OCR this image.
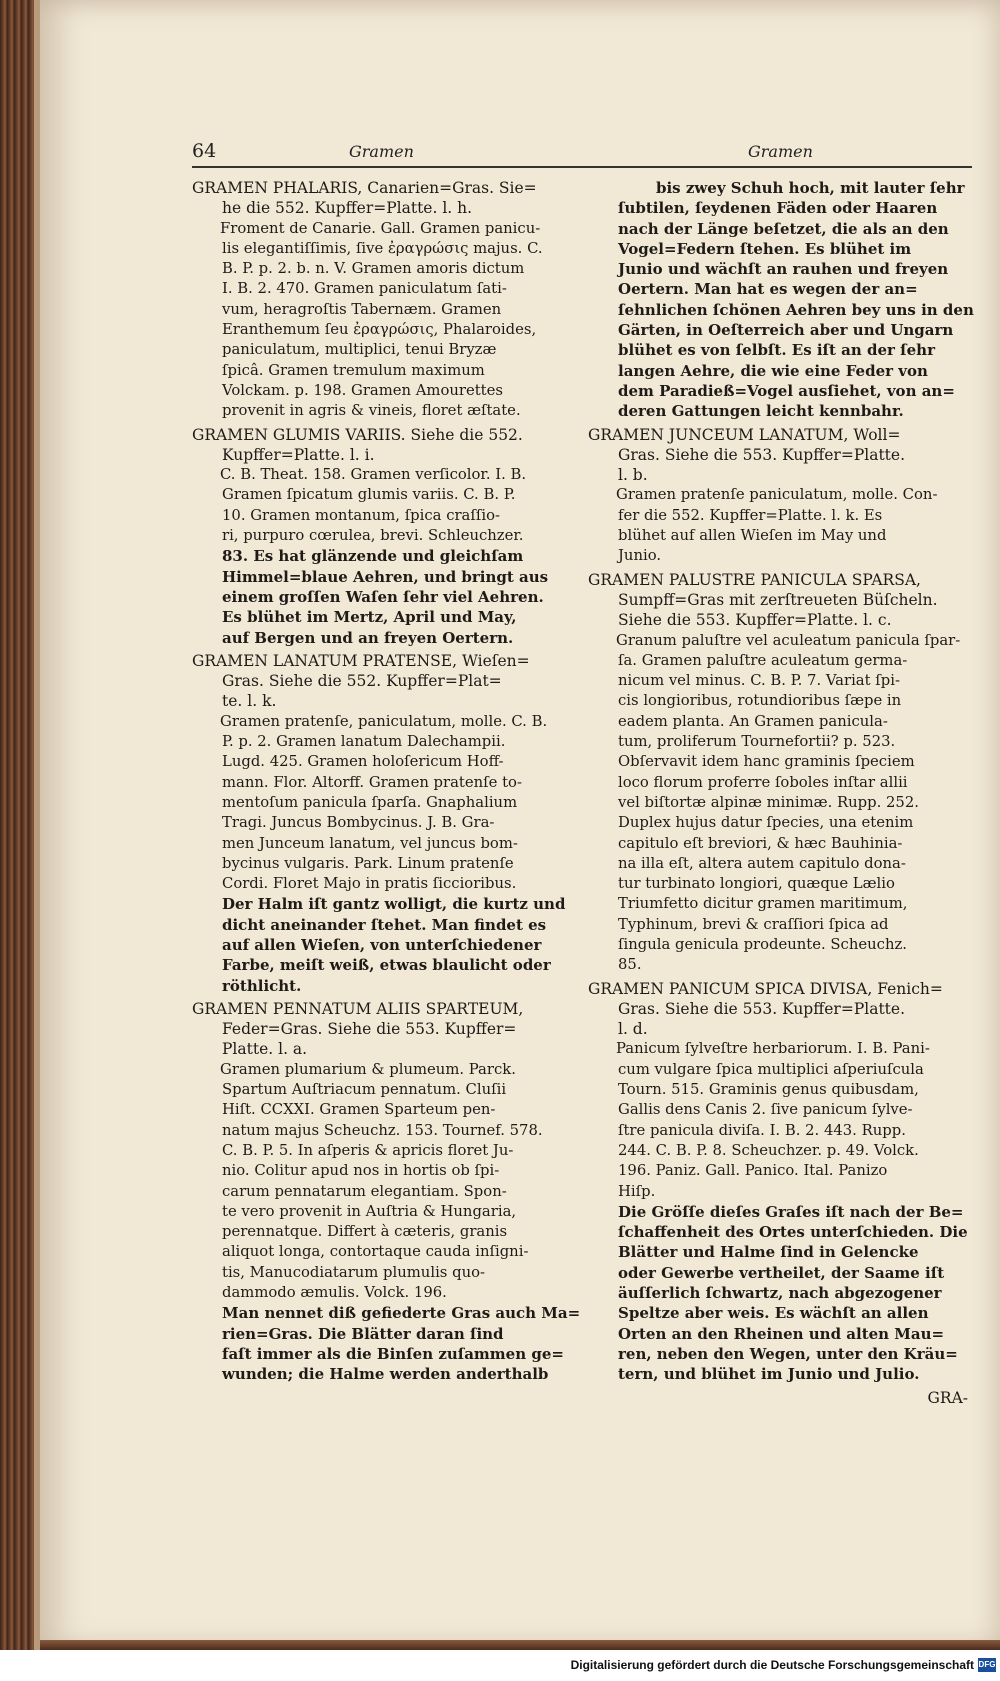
64	Gramen	Gramen
GRAMEN PHALARIS, Canarien=Gras. Sie=
he die 552. Kupffer=Platte. l. h.
Froment de Canarie. Gall. Gramen panicu-
lis elegantiſſimis, ſive ἐραγρώσις majus. C.
B. P. p. 2. b. n. V. Gramen amoris dictum
I. B. 2. 470. Gramen paniculatum ſati-
vum, heragroſtis Tabernæm. Gramen
Eranthemum ſeu ἐραγρώσις, Phalaroides,
paniculatum, multiplici, tenui Bryzæ
ſpicâ. Gramen tremulum maximum
Volckam. p. 198. Gramen Amourettes
provenit in agris & vineis, floret æſtate.
GRAMEN GLUMIS VARIIS. Siehe die 552.
Kupffer=Platte. l. i.
C. B. Theat. 158. Gramen verſicolor. I. B.
Gramen ſpicatum glumis variis. C. B. P.
10. Gramen montanum, ſpica craſſio-
ri, purpuro cœrulea, brevi. Schleuchzer.
83. Es hat glänzende und gleichſam
Himmel=blaue Aehren, und bringt aus
einem groſſen Waſen ſehr viel Aehren.
Es blühet im Mertz, April und May,
auf Bergen und an freyen Oertern.
GRAMEN LANATUM PRATENSE, Wieſen=
Gras. Siehe die 552. Kupffer=Plat=
te. l. k.
Gramen pratenſe, paniculatum, molle. C. B.
P. p. 2. Gramen lanatum Dalechampii.
Lugd. 425. Gramen holoſericum Hoff-
mann. Flor. Altorff. Gramen pratenſe to-
mentoſum panicula ſparſa. Gnaphalium
Tragi. Juncus Bombycinus. J. B. Gra-
men Junceum lanatum, vel juncus bom-
bycinus vulgaris. Park. Linum pratenſe
Cordi. Floret Majo in pratis ſiccioribus.
Der Halm iſt gantz wolligt, die kurtz und
dicht aneinander ſtehet. Man findet es
auf allen Wieſen, von unterſchiedener
Farbe, meiſt weiß, etwas blaulicht oder
röthlicht.
GRAMEN PENNATUM ALIIS SPARTEUM,
Feder=Gras. Siehe die 553. Kupffer=
Platte. l. a.
Gramen plumarium & plumeum. Parck.
Spartum Auſtriacum pennatum. Cluſii
Hiſt. CCXXI. Gramen Sparteum pen-
natum majus Scheuchz. 153. Tournef. 578.
C. B. P. 5. In aſperis & apricis floret Ju-
nio. Colitur apud nos in hortis ob ſpi-
carum pennatarum elegantiam. Spon-
te vero provenit in Auſtria & Hungaria,
perennatque. Differt à cæteris, granis
aliquot longa, contortaque cauda inſigni-
tis, Manucodiatarum plumulis quo-
dammodo æmulis. Volck. 196.
Man nennet diß gefiederte Gras auch Ma=
rien=Gras. Die Blätter daran ſind
faſt immer als die Binſen zuſammen ge=
wunden; die Halme werden anderthalb
bis zwey Schuh hoch, mit lauter ſehr
ſubtilen, ſeydenen Fäden oder Haaren
nach der Länge beſetzet, die als an den
Vogel=Federn ſtehen. Es blühet im
Junio und wächſt an rauhen und freyen
Oertern. Man hat es wegen der an=
ſehnlichen ſchönen Aehren bey uns in den
Gärten, in Oeſterreich aber und Ungarn
blühet es von ſelbſt. Es iſt an der ſehr
langen Aehre, die wie eine Feder von
dem Paradieß=Vogel ausſiehet, von an=
deren Gattungen leicht kennbahr.
GRAMEN JUNCEUM LANATUM, Woll=
Gras. Siehe die 553. Kupffer=Platte.
l. b.
Gramen pratenſe paniculatum, molle. Con-
fer die 552. Kupffer=Platte. l. k. Es
blühet auf allen Wieſen im May und
Junio.
GRAMEN PALUSTRE PANICULA SPARSA,
Sumpff=Gras mit zerſtreueten Büſcheln.
Siehe die 553. Kupffer=Platte. l. c.
Granum paluſtre vel aculeatum panicula ſpar-
ſa. Gramen paluſtre aculeatum germa-
nicum vel minus. C. B. P. 7. Variat ſpi-
cis longioribus, rotundioribus ſæpe in
eadem planta. An Gramen panicula-
tum, proliferum Tournefortii? p. 523.
Obſervavit idem hanc graminis ſpeciem
loco florum proferre ſoboles inſtar allii
vel biſtortæ alpinæ minimæ. Rupp. 252.
Duplex hujus datur ſpecies, una etenim
capitulo eſt breviori, & hæc Bauhinia-
na illa eſt, altera autem capitulo dona-
tur turbinato longiori, quæque Lælio
Triumfetto dicitur gramen maritimum,
Typhinum, brevi & craſſiori ſpica ad
ſingula genicula prodeunte. Scheuchz.
85.
GRAMEN PANICUM SPICA DIVISA, Fenich=
Gras. Siehe die 553. Kupffer=Platte.
l. d.
Panicum ſylveſtre herbariorum. I. B. Pani-
cum vulgare ſpica multiplici aſperiuſcula
Tourn. 515. Graminis genus quibusdam,
Gallis dens Canis 2. ſive panicum ſylve-
ſtre panicula diviſa. I. B. 2. 443. Rupp.
244. C. B. P. 8. Scheuchzer. p. 49. Volck.
196. Paniz. Gall. Panico. Ital. Panizo
Hiſp.
Die Gröſſe dieſes Graſes iſt nach der Be=
ſchaffenheit des Ortes unterſchieden. Die
Blätter und Halme ſind in Gelencke
oder Gewerbe vertheilet, der Saame iſt
äuſſerlich ſchwartz, nach abgezogener
Speltze aber weis. Es wächſt an allen
Orten an den Rheinen und alten Mau=
ren, neben den Wegen, unter den Kräu=
tern, und blühet im Junio und Julio.
GRA-
Digitalisierung gefördert durch die Deutsche Forschungsgemeinschaft DFG
